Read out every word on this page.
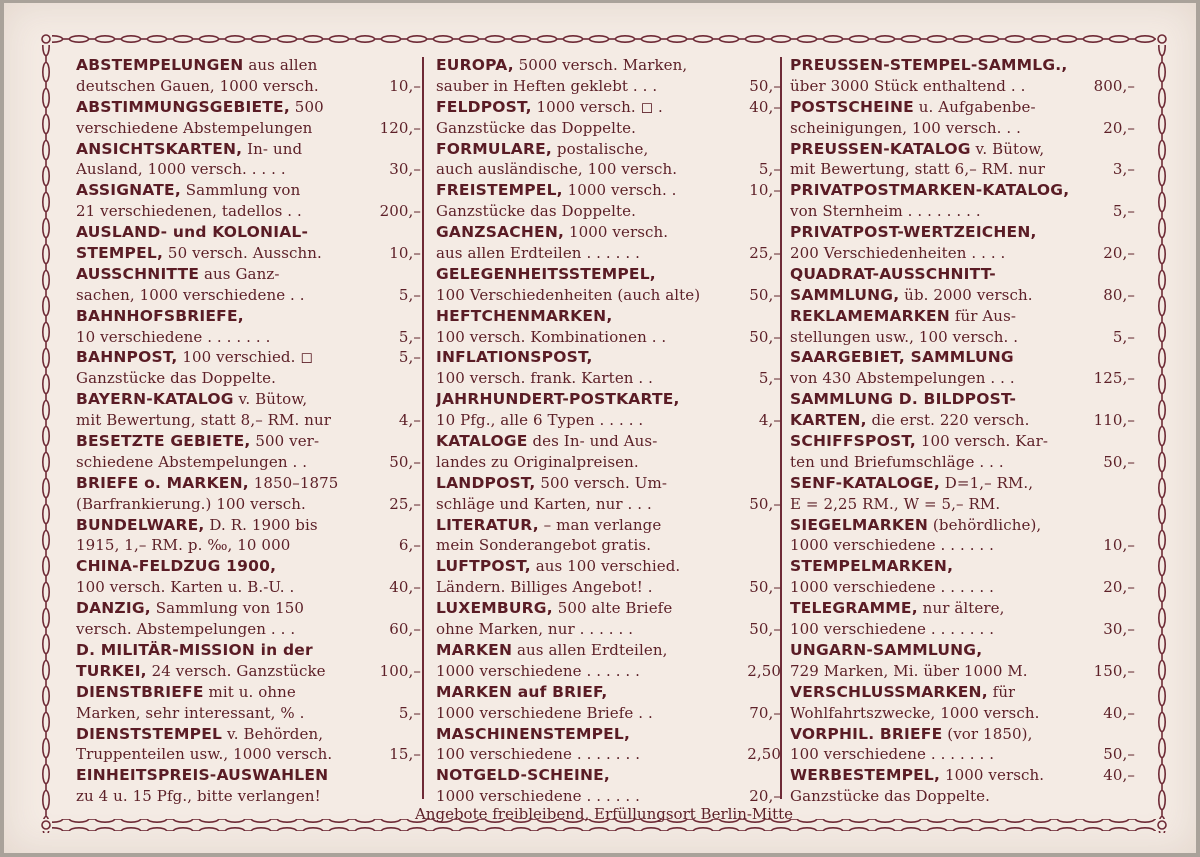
ABSTEMPELUNGEN aus allen
deutschen Gauen, 1000 versch.	10,–
ABSTIMMUNGSGEBIETE, 500
verschiedene Abstempelungen	120,–
ANSICHTSKARTEN, In- und
Ausland, 1000 versch. . . . .	30,–
ASSIGNATE, Sammlung von
21 verschiedenen, tadellos . .	200,–
AUSLAND- und KOLONIAL-
STEMPEL, 50 versch. Ausschn.	10,–
AUSSCHNITTE aus Ganz-
sachen, 1000 verschiedene . .	5,–
BAHNHOFSBRIEFE,
10 verschiedene . . . . . . .	5,–
BAHNPOST, 100 verschied. ◻	5,–
Ganzstücke das Doppelte.
BAYERN-KATALOG v. Bütow,
mit Bewertung, statt 8,– RM. nur	4,–
BESETZTE GEBIETE, 500 ver-
schiedene Abstempelungen . .	50,–
BRIEFE o. MARKEN, 1850–1875
(Barfrankierung.) 100 versch.	25,–
BUNDELWARE, D. R. 1900 bis
1915, 1,– RM. p. ‰, 10 000	6,–
CHINA-FELDZUG 1900,
100 versch. Karten u. B.-U. .	40,–
DANZIG, Sammlung von 150
versch. Abstempelungen . . .	60,–
D. MILITÄR-MISSION in der
TURKEI, 24 versch. Ganzstücke	100,–
DIENSTBRIEFE mit u. ohne
Marken, sehr interessant, % .	5,–
DIENSTSTEMPEL v. Behörden,
Truppenteilen usw., 1000 versch.	15,–
EINHEITSPREIS-AUSWAHLEN
zu 4 u. 15 Pfg., bitte verlangen!
EUROPA, 5000 versch. Marken,
sauber in Heften geklebt . . .	50,–
FELDPOST, 1000 versch. ◻ .	40,–
Ganzstücke das Doppelte.
FORMULARE, postalische,
auch ausländische, 100 versch.	5,–
FREISTEMPEL, 1000 versch. .	10,–
Ganzstücke das Doppelte.
GANZSACHEN, 1000 versch.
aus allen Erdteilen . . . . . .	25,–
GELEGENHEITSSTEMPEL,
100 Verschiedenheiten (auch alte)	50,–
HEFTCHENMARKEN,
100 versch. Kombinationen . .	50,–
INFLATIONSPOST,
100 versch. frank. Karten . .	5,–
JAHRHUNDERT-POSTKARTE,
10 Pfg., alle 6 Typen . . . . .	4,–
KATALOGE des In- und Aus-
landes zu Originalpreisen.
LANDPOST, 500 versch. Um-
schläge und Karten, nur . . .	50,–
LITERATUR, – man verlange
mein Sonderangebot gratis.
LUFTPOST, aus 100 verschied.
Ländern. Billiges Angebot! .	50,–
LUXEMBURG, 500 alte Briefe
ohne Marken, nur . . . . . .	50,–
MARKEN aus allen Erdteilen,
1000 verschiedene . . . . . .	2,50
MARKEN auf BRIEF,
1000 verschiedene Briefe . .	70,–
MASCHINENSTEMPEL,
100 verschiedene . . . . . . .	2,50
NOTGELD-SCHEINE,
1000 verschiedene . . . . . .	20,–
PREUSSEN-STEMPEL-SAMMLG.,
über 3000 Stück enthaltend . .	800,–
POSTSCHEINE u. Aufgabenbe-
scheinigungen, 100 versch. . .	20,–
PREUSSEN-KATALOG v. Bütow,
mit Bewertung, statt 6,– RM. nur	3,–
PRIVATPOSTMARKEN-KATALOG,
von Sternheim . . . . . . . .	5,–
PRIVATPOST-WERTZEICHEN,
200 Verschiedenheiten . . . .	20,–
QUADRAT-AUSSCHNITT-
SAMMLUNG, üb. 2000 versch.	80,–
REKLAMEMARKEN für Aus-
stellungen usw., 100 versch. .	5,–
SAARGEBIET, SAMMLUNG
von 430 Abstempelungen . . .	125,–
SAMMLUNG D. BILDPOST-
KARTEN, die erst. 220 versch.	110,–
SCHIFFSPOST, 100 versch. Kar-
ten und Briefumschläge . . .	50,–
SENF-KATALOGE, D=1,– RM.,
E = 2,25 RM., W = 5,– RM.
SIEGELMARKEN (behördliche),
1000 verschiedene . . . . . .	10,–
STEMPELMARKEN,
1000 verschiedene . . . . . .	20,–
TELEGRAMME, nur ältere,
100 verschiedene . . . . . . .	30,–
UNGARN-SAMMLUNG,
729 Marken, Mi. über 1000 M.	150,–
VERSCHLUSSMARKEN, für
Wohlfahrtszwecke, 1000 versch.	40,–
VORPHIL. BRIEFE (vor 1850),
100 verschiedene . . . . . . .	50,–
WERBESTEMPEL, 1000 versch.	40,–
Ganzstücke das Doppelte.
Angebote freibleibend, Erfüllungsort Berlin-Mitte
